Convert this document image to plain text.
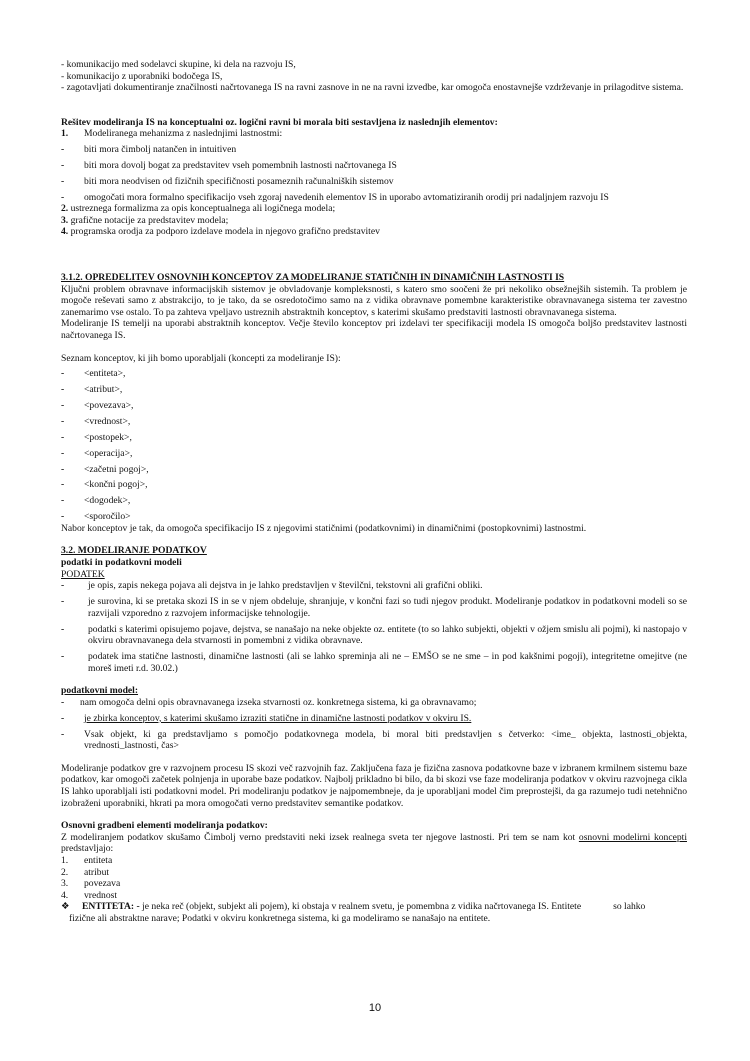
- komunikacijo med sodelavci skupine, ki dela na razvoju IS,

- komunikacijo z uporabniki bodočega IS,

- zagotavljati dokumentiranje značilnosti načrtovanega IS na ravni zasnove in ne na ravni izvedbe, kar omogoča enostavnejše vzdrževanje in prilagoditve sistema.

Rešitev modeliranja IS na konceptualni oz. logični ravni bi morala biti sestavljena iz naslednjih elementov:

1.	Modeliranega mehanizma z naslednjimi lastnostmi:
-	biti mora čimbolj natančen in intuitiven
-	biti mora dovolj bogat za predstavitev vseh pomembnih lastnosti načrtovanega IS
-	biti mora neodvisen od fizičnih specifičnosti posameznih računalniških sistemov
-	omogočati mora formalno specifikacijo vseh zgoraj navedenih elementov IS in uporabo avtomatiziranih orodij pri nadaljnjem razvoju IS

2. ustreznega formalizma za opis konceptualnega ali logičnega modela;

3. grafične notacije za predstavitev modela;

4. programska orodja za podporo izdelave modela in njegovo grafično predstavitev

3.1.2. OPREDELITEV OSNOVNIH KONCEPTOV ZA MODELIRANJE STATIČNIH IN DINAMIČNIH LASTNOSTI IS

Ključni problem obravnave informacijskih sistemov je obvladovanje kompleksnosti, s katero smo soočeni že pri nekoliko obsežnejših sistemih. Ta problem je mogoče reševati samo z abstrakcijo, to je tako, da se osredotočimo samo na z vidika obravnave pomembne karakteristike obravnavanega sistema ter zavestno zanemarimo vse ostalo. To pa zahteva vpeljavo ustreznih abstraktnih konceptov, s katerimi skušamo predstaviti lastnosti obravnavanega sistema.

Modeliranje IS temelji na uporabi abstraktnih konceptov. Večje število konceptov pri izdelavi ter specifikaciji modela IS omogoča boljšo predstavitev lastnosti načrtovanega IS.

Seznam konceptov, ki jih bomo uporabljali (koncepti za modeliranje IS):

-	<entiteta>,
-	<atribut>,
-	<povezava>,
-	<vrednost>,
-	<postopek>,
-	<operacija>,
-	<začetni pogoj>,
-	<končni pogoj>,
-	<dogodek>,
-	<sporočilo>

Nabor konceptov je tak, da omogoča specifikacijo IS z njegovimi statičnimi (podatkovnimi) in dinamičnimi (postopkovnimi) lastnostmi.

3.2. MODELIRANJE PODATKOV

podatki in podatkovni modeli

PODATEK

-	je opis, zapis nekega pojava ali dejstva in je lahko predstavljen v številčni, tekstovni ali grafični obliki.
-	je surovina, ki se pretaka skozi IS in se v njem obdeluje, shranjuje, v končni fazi so tudi njegov produkt. Modeliranje podatkov in podatkovni modeli so se razvijali vzporedno z razvojem informacijske tehnologije.
-	podatki s katerimi opisujemo pojave, dejstva, se nanašajo na neke objekte oz. entitete (to so lahko subjekti, objekti v ožjem smislu ali pojmi), ki nastopajo v okviru obravnavanega dela stvarnosti in pomembni z vidika obravnave.
-	podatek ima statične lastnosti, dinamične lastnosti (ali se lahko spreminja ali ne – EMŠO se ne sme – in pod kakšnimi pogoji), integritetne omejitve (ne moreš imeti r.d. 30.02.)

podatkovni model:

-	nam omogoča delni opis obravnavanega izseka stvarnosti oz. konkretnega sistema, ki ga obravnavamo;
-	je zbirka konceptov, s katerimi skušamo izraziti statične in dinamične lastnosti podatkov v okviru IS.
-	Vsak objekt, ki ga predstavljamo s pomočjo podatkovnega modela, bi moral biti predstavljen s četverko: <ime_ objekta, lastnosti_objekta, vrednosti_lastnosti, čas>

Modeliranje podatkov gre v razvojnem procesu IS skozi več razvojnih faz. Zaključena faza je fizična zasnova podatkovne baze v izbranem krmilnem sistemu baze podatkov, kar omogoči začetek polnjenja in uporabe baze podatkov. Najbolj prikladno bi bilo, da bi skozi vse faze modeliranja podatkov v okviru razvojnega cikla IS lahko uporabljali isti podatkovni model. Pri modeliranju podatkov je najpomembneje, da je uporabljani model čim preprostejši, da ga razumejo tudi netehnično izobraženi uporabniki, hkrati pa mora omogočati verno predstavitev semantike podatkov.

Osnovni gradbeni elementi modeliranja podatkov:

Z modeliranjem podatkov skušamo Čimbolj verno predstaviti neki izsek realnega sveta ter njegove lastnosti. Pri tem se nam kot osnovni modelirni koncepti predstavljajo:

1.	entiteta
2.	atribut
3.	povezava
4.	vrednost
❖	ENTITETA: - je neka reč (objekt, subjekt ali pojem), ki obstaja v realnem svetu, je pomembna z vidika načrtovanega IS. Entitete	so lahko

fizične ali abstraktne narave; Podatki v okviru konkretnega sistema, ki ga modeliramo se nanašajo na entitete.

10
